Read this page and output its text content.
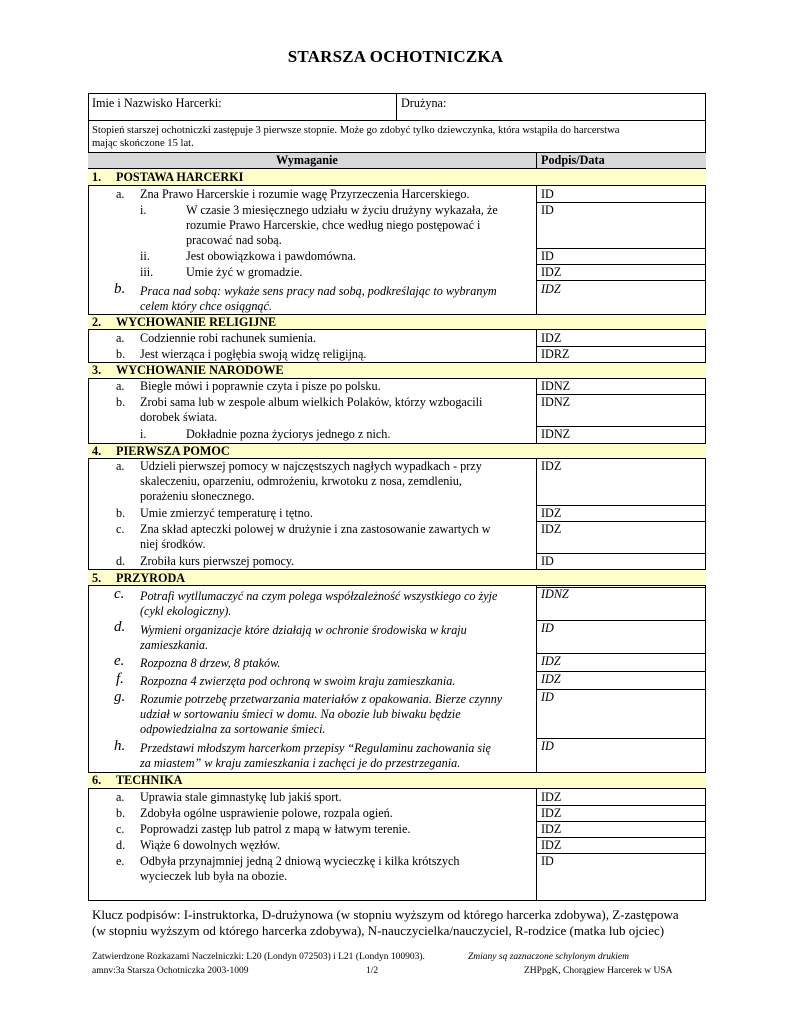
STARSZA OCHOTNICZKA
Imie i Nazwisko Harcerki:	Drużyna:
Stopień starszej ochotniczki zastępuje 3 pierwsze stopnie. Może go zdobyć tylko dziewczynka, która wstąpiła do harcerstwa
mając skończone 15 lat.
Wymaganie	Podpis/Data
1. POSTAWA HARCERKI
a. Zna Prawo Harcerskie i rozumie wagę Przyrzeczenia Harcerskiego.	ID
i.	W czasie 3 miesięcznego udziału w życiu drużyny wykazała, że
rozumie Prawo Harcerskie, chce według niego postępować i
pracować nad sobą.
ID
ii.	Jest obowiązkowa i pawdomówna.	ID
iii.	Umie żyć w gromadzie.	IDZ
b. Praca nad sobą: wykaże sens pracy nad sobą, podkreślając to wybranym
celem który chce osiągnąć.
IDZ
2. WYCHOWANIE RELIGIJNE
a. Codziennie robi rachunek sumienia.	IDZ
b. Jest wierząca i pogłębia swoją widzę religijną.	IDRZ
3. WYCHOWANIE NARODOWE
a. Biegle mówi i poprawnie czyta i pisze po polsku.	IDNZ
b. Zrobi sama lub w zespole album wielkich Polaków, którzy wzbogacili
dorobek świata.
IDNZ
i.	Dokładnie pozna życiorys jednego z nich.	IDNZ
4. PIERWSZA POMOC
a. Udzieli pierwszej pomocy w najczęstszych nagłych wypadkach - przy
skaleczeniu, oparzeniu, odmrożeniu, krwotoku z nosa, zemdleniu,
porażeniu słonecznego.
IDZ
b. Umie zmierzyć temperaturę i tętno.	IDZ
c. Zna skład apteczki polowej w drużynie i zna zastosowanie zawartych w
niej środków.
IDZ
d. Zrobiła kurs pierwszej pomocy.	ID
5. PRZYRODA
c. Potrafi wytllumaczyć na czym polega współzależność wszystkiego co żyje
(cykl ekologiczny).
IDNZ
d. Wymieni organizacje które działają w ochronie środowiska w kraju
zamieszkania.
ID
e. Rozpozna 8 drzew, 8 ptaków.	IDZ
f. Rozpozna 4 zwierzęta pod ochroną w swoim kraju zamieszkania.	IDZ
g. Rozumie potrzebę przetwarzania materiałów z opakowania. Bierze czynny
udział w sortowaniu śmieci w domu. Na obozie lub biwaku będzie
odpowiedzialna za sortowanie śmieci.
ID
h. Przedstawi młodszym harcerkom przepisy “Regulaminu zachowania się
za miastem” w kraju zamieszkania i zachęci je do przestrzegania.
ID
6. TECHNIKA
a. Uprawia stale gimnastykę lub jakiś sport.	IDZ
b. Zdobyła ogólne usprawienie polowe, rozpala ogień.	IDZ
c. Poprowadzi zastęp lub patrol z mapą w łatwym terenie.	IDZ
d. Wiąże 6 dowolnych węzłów.	IDZ
e. Odbyła przynajmniej jedną 2 dniową wycieczkę i kilka krótszych
wycieczek lub była na obozie.
ID
Klucz podpisów: I-instruktorka, D-drużynowa (w stopniu wyższym od którego harcerka zdobywa), Z-zastępowa
(w stopniu wyższym od którego harcerka zdobywa), N-nauczycielka/nauczyciel, R-rodzice (matka lub ojciec)
Zatwierdzone Rozkazami Naczelniczki: L20 (Londyn 072503) i L21 (Londyn 100903).	Zmiany są zaznaczone schylonym drukiem
amnv:3a Starsza Ochotniczka 2003-1009	1/2	ZHPpgK, Chorągiew Harcerek w USA
